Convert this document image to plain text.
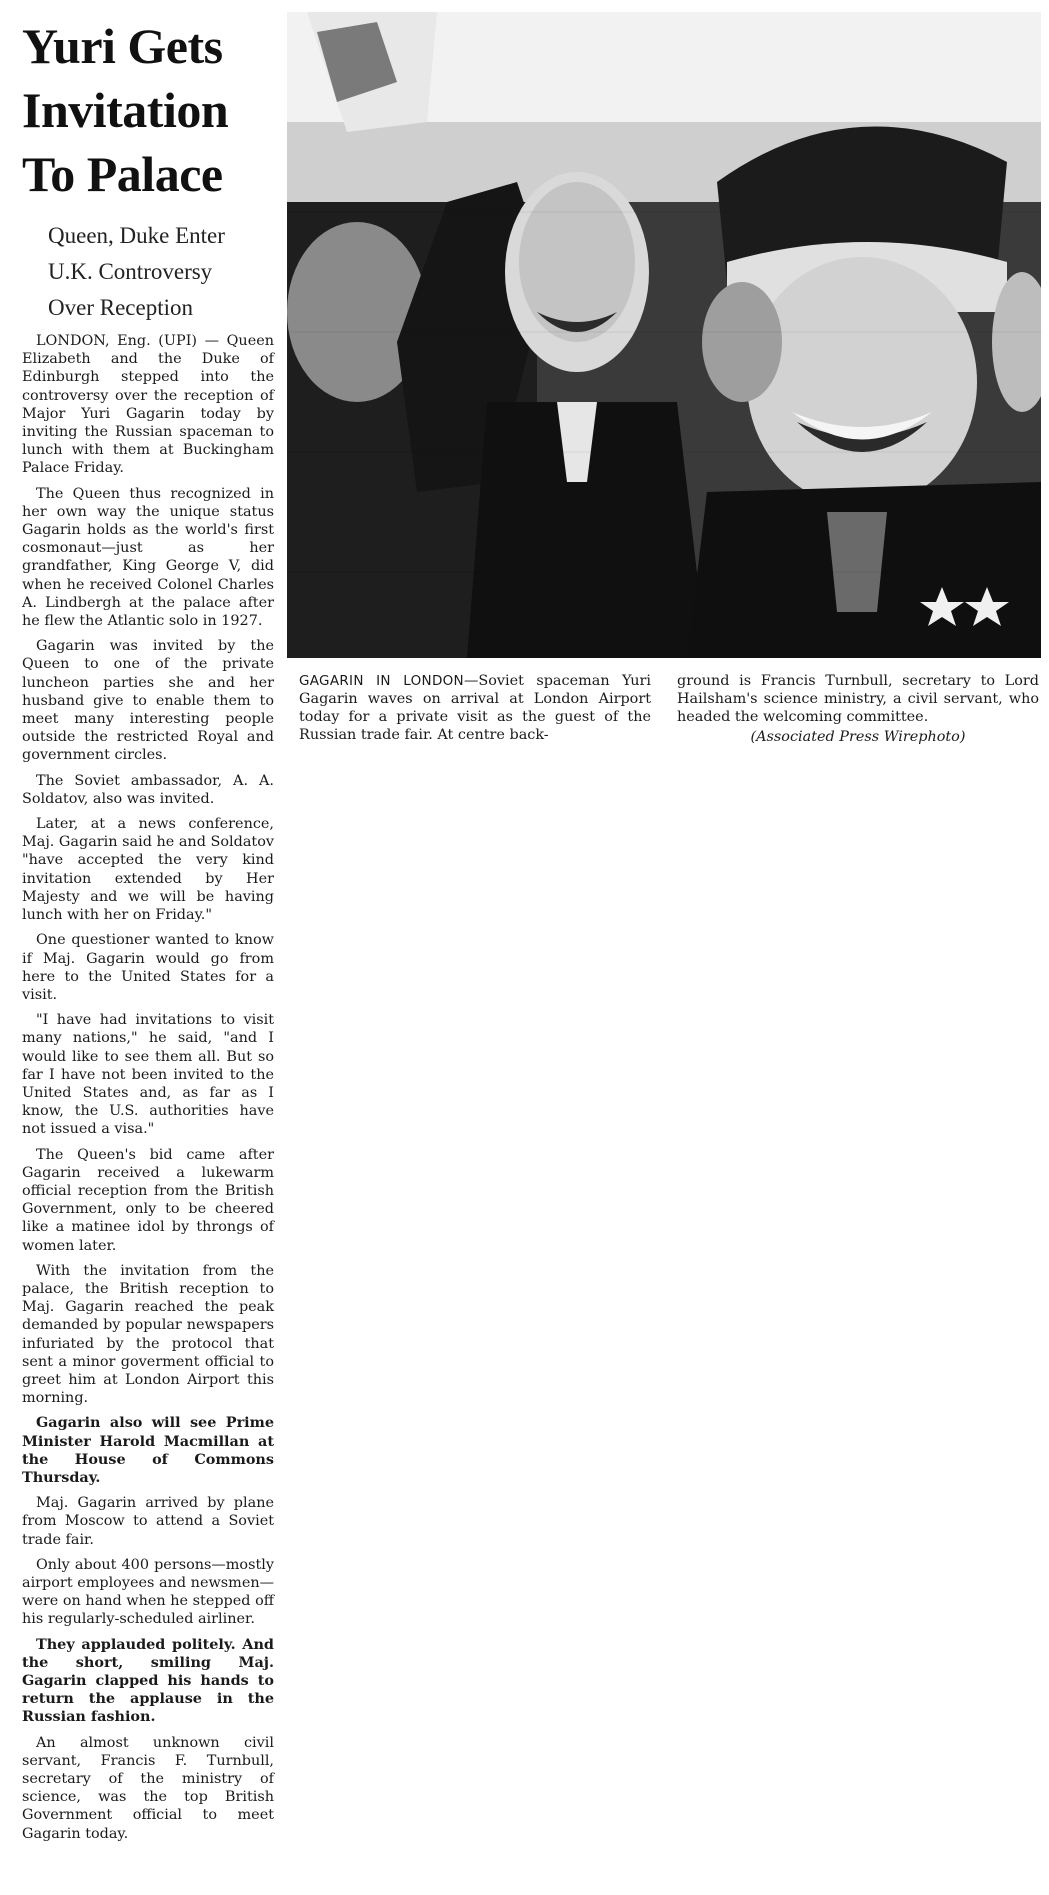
Yuri Gets
Invitation
To Palace
Queen, Duke Enter
U.K. Controversy
Over Reception

LONDON, Eng. (UPI) — Queen Elizabeth and the Duke of Edinburgh stepped into the controversy over the reception of Major Yuri Gagarin today by inviting the Russian spaceman to lunch with them at Buckingham Palace Friday.

The Queen thus recognized in her own way the unique status Gagarin holds as the world's first cosmonaut—just as her grandfather, King George V, did when he received Colonel Charles A. Lindbergh at the palace after he flew the Atlantic solo in 1927.

Gagarin was invited by the Queen to one of the private luncheon parties she and her husband give to enable them to meet many interesting people outside the restricted Royal and government circles.

The Soviet ambassador, A. A. Soldatov, also was invited.

Later, at a news conference, Maj. Gagarin said he and Soldatov "have accepted the very kind invitation extended by Her Majesty and we will be having lunch with her on Friday."

One questioner wanted to know if Maj. Gagarin would go from here to the United States for a visit.

"I have had invitations to visit many nations," he said, "and I would like to see them all. But so far I have not been invited to the United States and, as far as I know, the U.S. authorities have not issued a visa."

The Queen's bid came after Gagarin received a lukewarm official reception from the British Government, only to be cheered like a matinee idol by throngs of women later.

With the invitation from the palace, the British reception to Maj. Gagarin reached the peak demanded by popular newspapers infuriated by the protocol that sent a minor goverment official to greet him at London Airport this morning.

Gagarin also will see Prime Minister Harold Macmillan at the House of Commons Thursday.

Maj. Gagarin arrived by plane from Moscow to attend a Soviet trade fair.

Only about 400 persons—mostly airport employees and newsmen—were on hand when he stepped off his regularly-scheduled airliner.

They applauded politely. And the short, smiling Maj. Gagarin clapped his hands to return the applause in the Russian fashion.

An almost unknown civil servant, Francis F. Turnbull, secretary of the ministry of science, was the top British Government official to meet Gagarin today.

GAGARIN IN LONDON—Soviet spaceman Yuri Gagarin waves on arrival at London Airport today for a private visit as the guest of the Russian trade fair. At centre back-
ground is Francis Turnbull, secretary to Lord Hailsham's science ministry, a civil servant, who headed the welcoming committee.
(Associated Press Wirephoto)
